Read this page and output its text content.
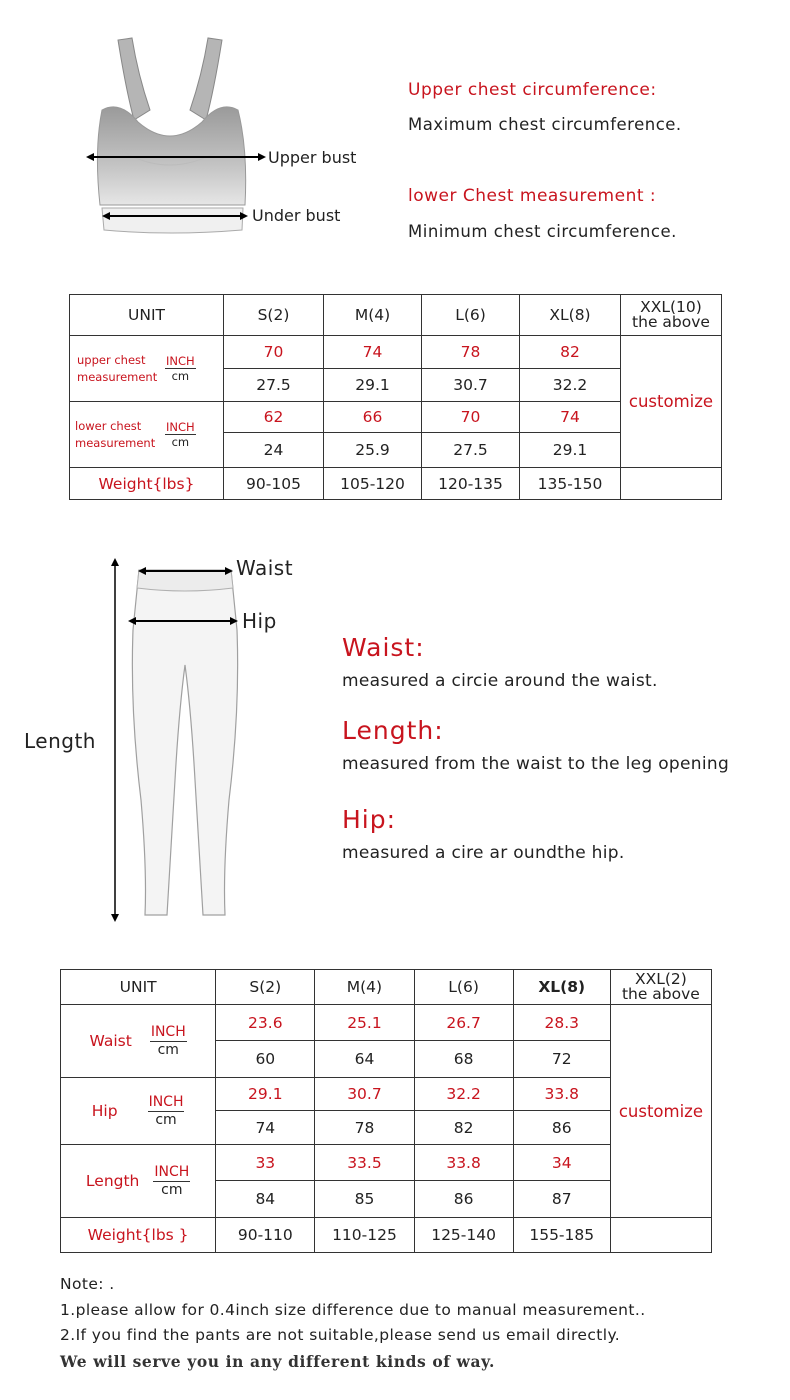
Upper bust
Under bust
Upper chest circumference:
Maximum chest circumference.
lower Chest measurement :
Minimum chest circumference.
UNIT	S(2)	M(4)	L(6)	XL(8)	XXL(10)
the above

upper chest
measurement $\frac{\text{INCH}}{cm}$	70	74	78	82	customize
	27.5	29.1	30.7	32.2	

lower chest
measurement $\frac{\text{INCH}}{cm}$	62	66	70	74	
	24	25.9	27.5	29.1	
Weight{lbs}	90-105	105-120	120-135	135-150	
Waist
Hip
Length
Waist:
measured a circie around the waist.
Length:
measured from the waist to the leg opening
Hip:
measured a cire ar oundthe hip.
UNIT	S(2)	M(4)	L(6)	XL(8)	XXL(2)
the above

Waist $\frac{\text{INCH}}{cm}$	23.6	25.1	26.7	28.3	customize
	60	64	68	72	

Hip $\frac{\text{INCH}}{cm}$	29.1	30.7	32.2	33.8	
	74	78	82	86	

Length $\frac{\text{INCH}}{cm}$	33	33.5	33.8	34	
	84	85	86	87	
Weight{lbs }	90-110	110-125	125-140	155-185	
Note: .
1.please allow for 0.4inch size difference due to manual measurement..
2.If you find the pants are not suitable,please send us email directly.
We will serve you in any different kinds of way.
